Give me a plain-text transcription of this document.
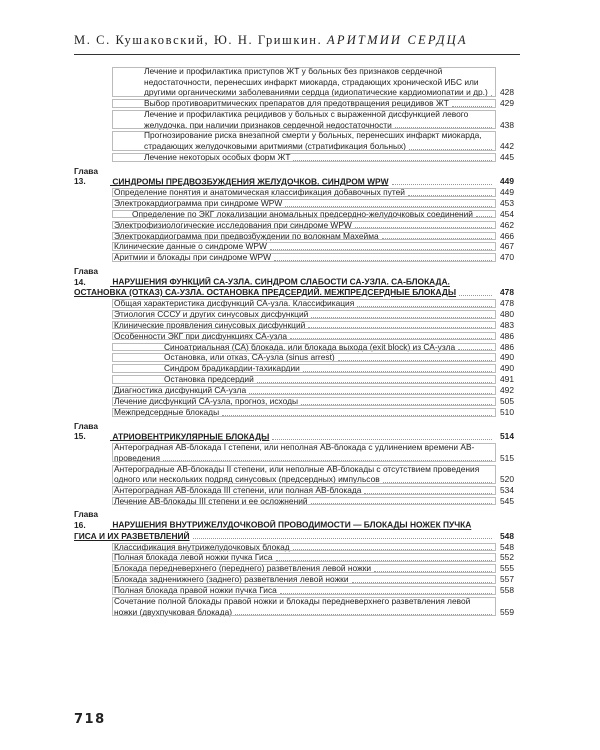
М. С. Кушаковский, Ю. Н. Гришкин. АРИТМИИ СЕРДЦА
Лечение и профилактика приступов ЖТ у больных без признаков сердечной недостаточности, перенесших инфаркт миокарда, страдающих хронической ИБС или другими органическими заболеваниями сердца (идиопатические кардиомиопатии и др.)	428
Выбор противоаритмических препаратов для предотвращения рецидивов ЖТ	429
Лечение и профилактика рецидивов у больных с выраженной дисфункцией левого желудочка, при наличии признаков сердечной недостаточности	438
Прогнозирование риска внезапной смерти у больных, перенесших инфаркт миокарда, страдающих желудочковыми аритмиями (стратификация больных)	442
Лечение некоторых особых форм ЖТ	445
Глава 13.	СИНДРОМЫ ПРЕДВОЗБУЖДЕНИЯ ЖЕЛУДОЧКОВ. СИНДРОМ WPW	449
Определение понятия и анатомическая классификация добавочных путей	449
Электрокардиограмма при синдроме WPW	453
Определение по ЭКГ локализации аномальных предсердно-желудочковых соединений	454
Электрофизиологические исследования при синдроме WPW	462
Электрокардиограмма при предвозбуждении по волокнам Махейма	466
Клинические данные о синдроме WPW	467
Аритмии и блокады при синдроме WPW	470
Глава 14.	НАРУШЕНИЯ ФУНКЦИЙ СА-УЗЛА. СИНДРОМ СЛАБОСТИ СА-УЗЛА. СА-БЛОКАДА. ОСТАНОВКА (ОТКАЗ) СА-УЗЛА. ОСТАНОВКА ПРЕДСЕРДИЙ. МЕЖПРЕДСЕРДНЫЕ БЛОКАДЫ	478
Общая характеристика дисфункций СА-узла. Классификация	478
Этиология СССУ и других синусовых дисфункций	480
Клинические проявления синусовых дисфункций	483
Особенности ЭКГ при дисфункциях СА-узла	486
Синоатриальная (СА) блокада, или блокада выхода (exit block) из СА-узла	486
Остановка, или отказ, СА-узла (sinus arrest)	490
Синдром брадикардии-тахикардии	490
Остановка предсердий	491
Диагностика дисфункций СА-узла	492
Лечение дисфункций СА-узла, прогноз, исходы	505
Межпредсердные блокады	510
Глава 15.	АТРИОВЕНТРИКУЛЯРНЫЕ БЛОКАДЫ	514
Антероградная АВ-блокада I степени, или неполная АВ-блокада с удлинением времени АВ-проведения	515
Антероградные АВ-блокады II степени, или неполные АВ-блокады с отсутствием проведения одного или нескольких подряд синусовых (предсердных) импульсов	520
Антероградная АВ-блокада III степени, или полная АВ-блокада	534
Лечение АВ-блокады III степени и ее осложнений	545
Глава 16.	НАРУШЕНИЯ ВНУТРИЖЕЛУДОЧКОВОЙ ПРОВОДИМОСТИ — БЛОКАДЫ НОЖЕК ПУЧКА ГИСА И ИХ РАЗВЕТВЛЕНИЙ	548
Классификация внутрижелудочковых блокад	548
Полная блокада левой ножки пучка Гиса	552
Блокада передневерхнего (переднего) разветвления левой ножки	555
Блокада задненижнего (заднего) разветвления левой ножки	557
Полная блокада правой ножки пучка Гиса	558
Сочетание полной блокады правой ножки и блокады передневерхнего разветвления левой ножки (двухпучковая блокада)	559
718
